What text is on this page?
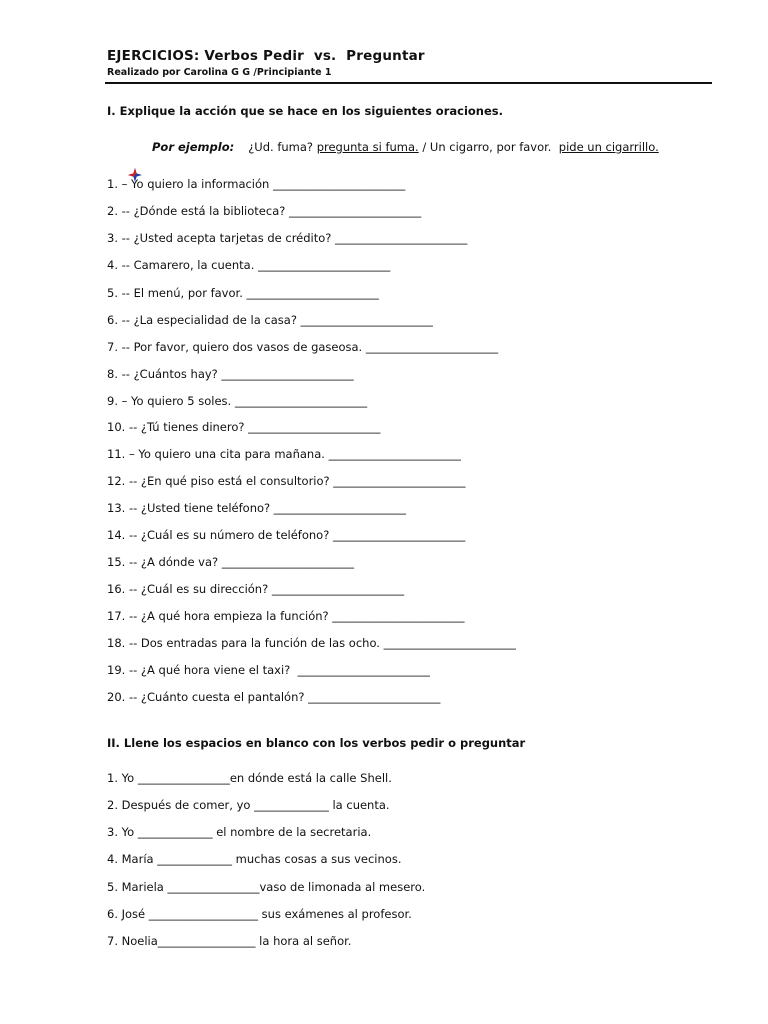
EJERCICIOS: Verbos Pedir  vs.  Preguntar
Realizado por Carolina G G /Principiante 1
I. Explique la acción que se hace en los siguientes oraciones.

Por ejemplo: ¿Ud. fuma? pregunta si fuma. / Un cigarro, por favor. pide un cigarrillo.
1. – Yo quiero la información _______________________
2. -- ¿Dónde está la biblioteca? _______________________
3. -- ¿Usted acepta tarjetas de crédito? _______________________
4. -- Camarero, la cuenta. _______________________
5. -- El menú, por favor. _______________________
6. -- ¿La especialidad de la casa? _______________________
7. -- Por favor, quiero dos vasos de gaseosa. _______________________
8. -- ¿Cuántos hay? _______________________
9. – Yo quiero 5 soles. _______________________
10. -- ¿Tú tienes dinero? _______________________
11. – Yo quiero una cita para mañana. _______________________
12. -- ¿En qué piso está el consultorio? _______________________
13. -- ¿Usted tiene teléfono? _______________________
14. -- ¿Cuál es su número de teléfono? _______________________
15. -- ¿A dónde va? _______________________
16. -- ¿Cuál es su dirección? _______________________
17. -- ¿A qué hora empieza la función? _______________________
18. -- Dos entradas para la función de las ocho. _______________________
19. -- ¿A qué hora viene el taxi?  _______________________
20. -- ¿Cuánto cuesta el pantalón? _______________________
II. Llene los espacios en blanco con los verbos pedir o preguntar
1. Yo ________________en dónde está la calle Shell.
2. Después de comer, yo _____________ la cuenta.
3. Yo _____________ el nombre de la secretaria.
4. María _____________ muchas cosas a sus vecinos.
5. Mariela ________________vaso de limonada al mesero.
6. José ___________________ sus exámenes al profesor.
7. Noelia_________________ la hora al señor.
